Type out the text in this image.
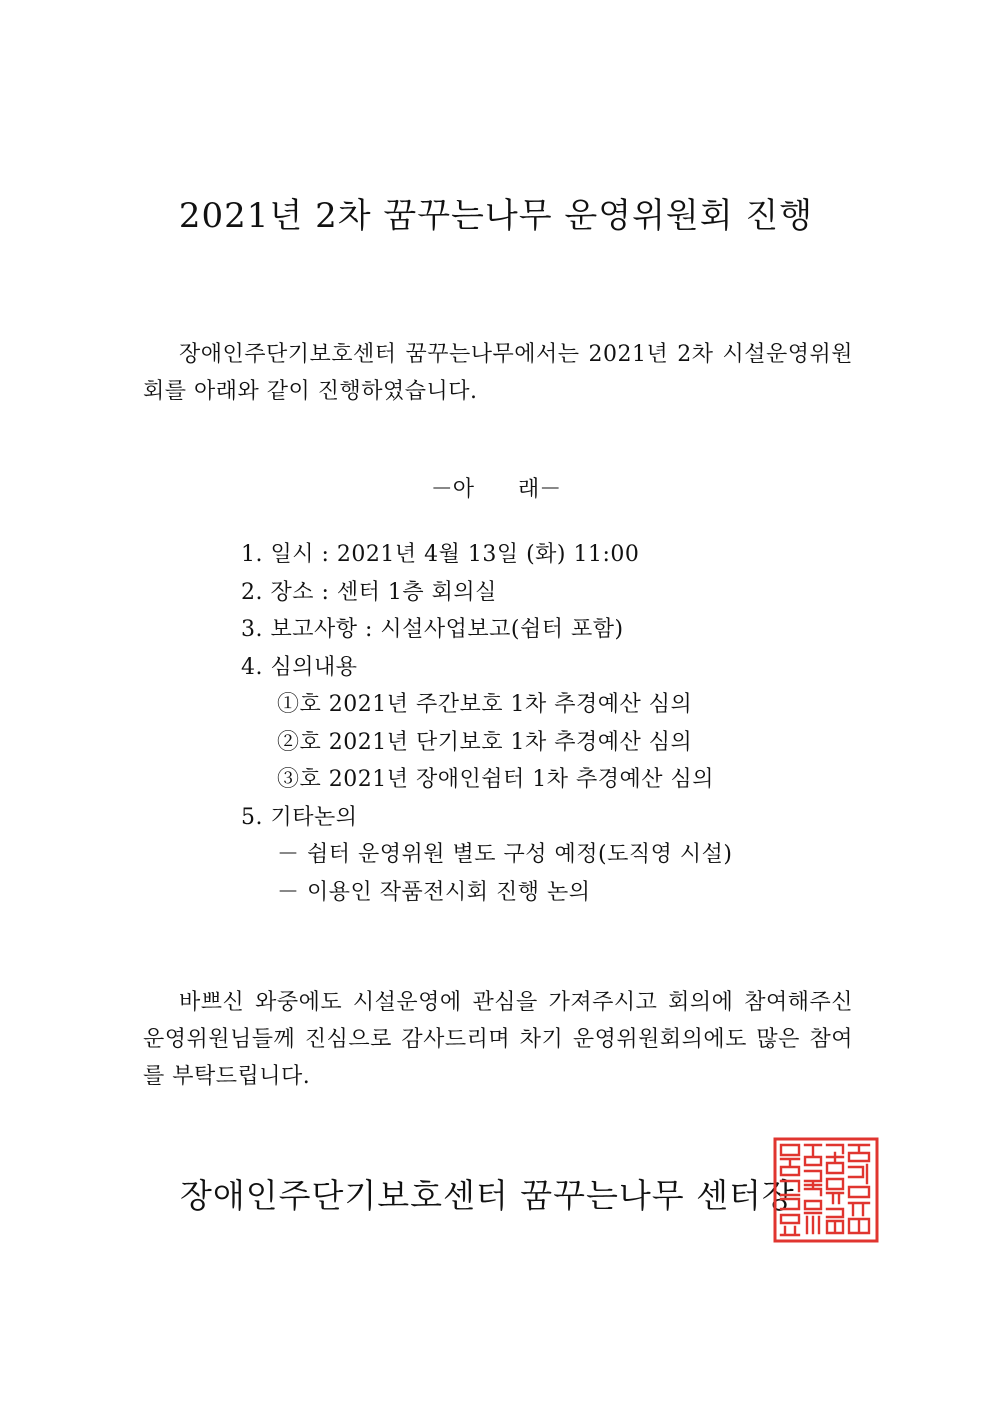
2021년 2차 꿈꾸는나무 운영위원회 진행

장애인주단기보호센터 꿈꾸는나무에서는 2021년 2차 시설운영위원회를 아래와 같이 진행하였습니다.

－아　　래－

1. 일시 : 2021년 4월 13일 (화) 11:00
2. 장소 : 센터 1층 회의실
3. 보고사항 : 시설사업보고(쉼터 포함)
4. 심의내용
①호 2021년 주간보호 1차 추경예산 심의
②호 2021년 단기보호 1차 추경예산 심의
③호 2021년 장애인쉼터 1차 추경예산 심의
5. 기타논의
－ 쉼터 운영위원 별도 구성 예정(도직영 시설)
－ 이용인 작품전시회 진행 논의

바쁘신 와중에도 시설운영에 관심을 가져주시고 회의에 참여해주신 운영위원님들께 진심으로 감사드리며 차기 운영위원회의에도 많은 참여를 부탁드립니다.

장애인주단기보호센터 꿈꾸는나무 센터장
